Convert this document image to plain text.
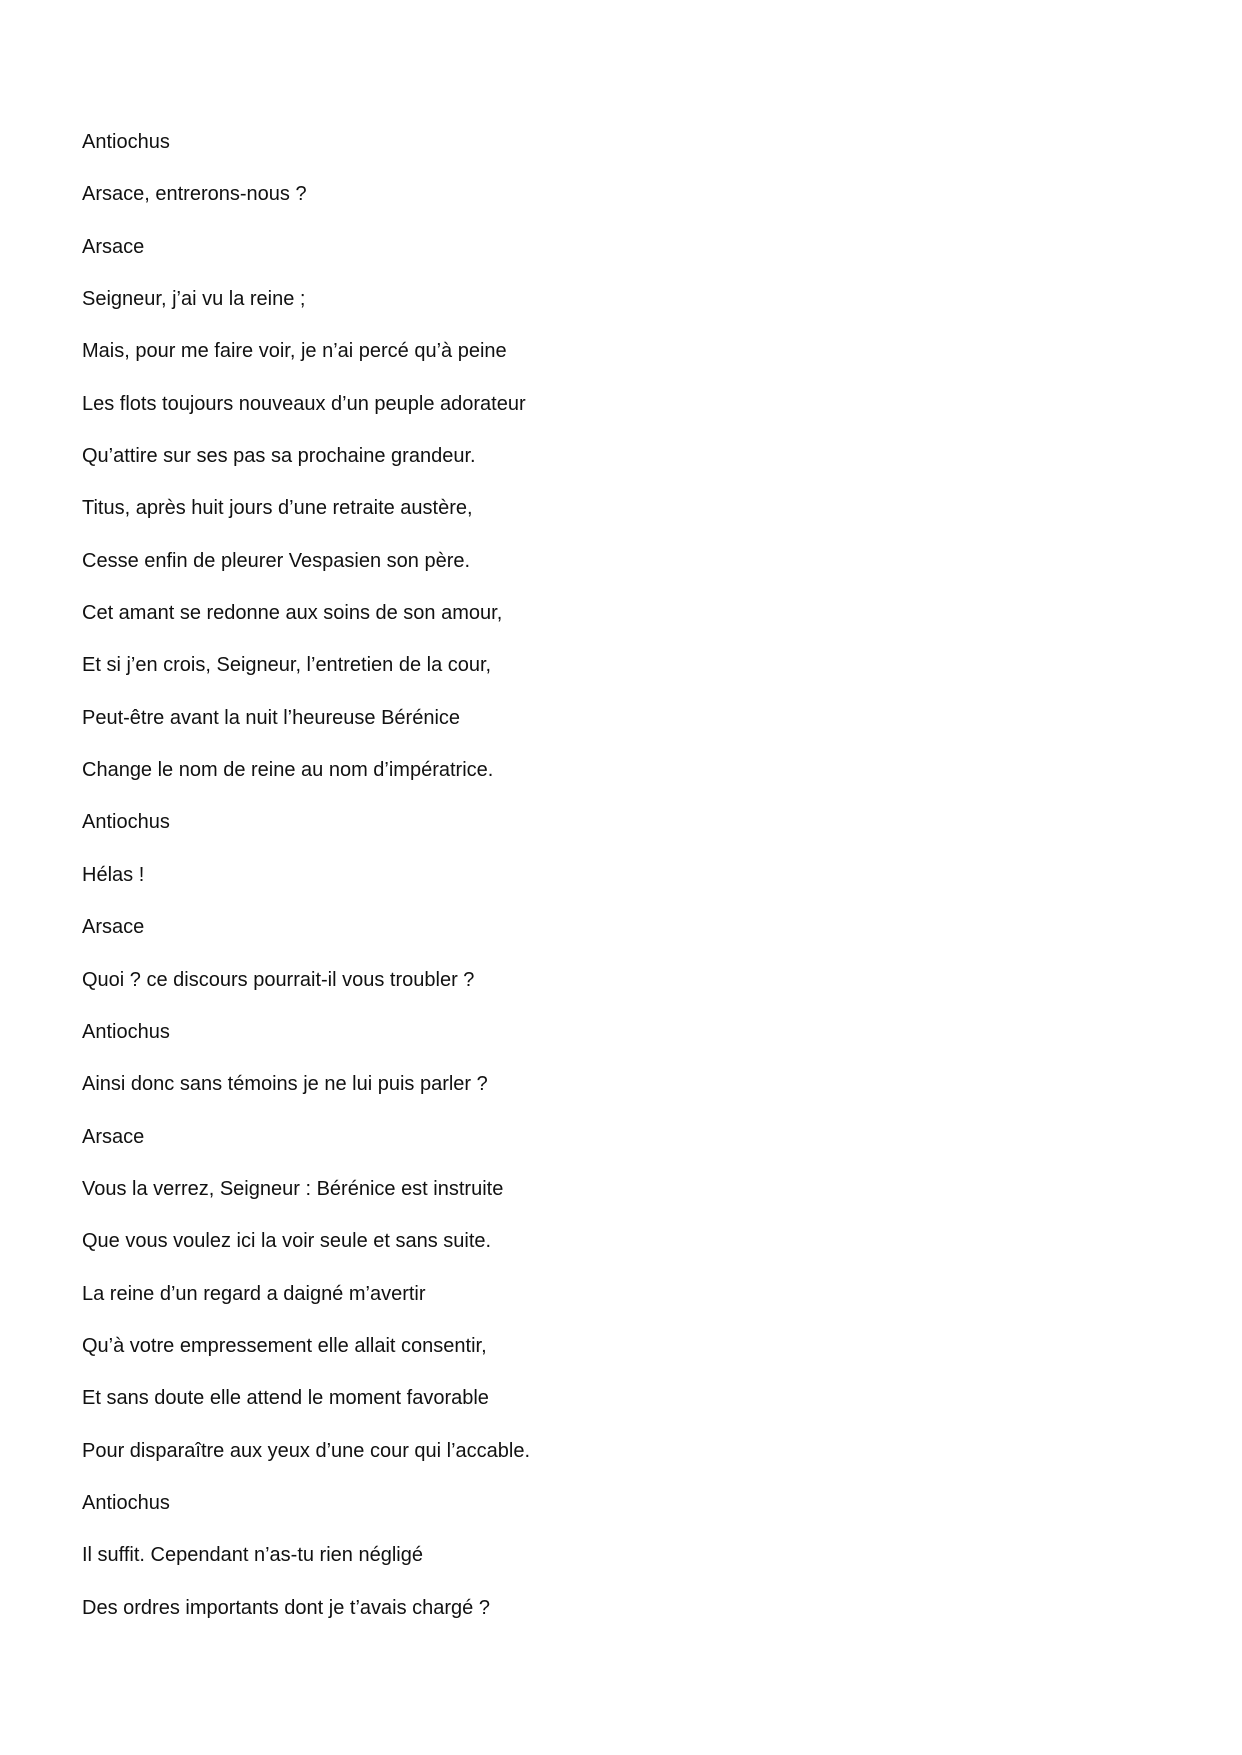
Antiochus
Arsace, entrerons-nous ?
Arsace
Seigneur, j’ai vu la reine ;
Mais, pour me faire voir, je n’ai percé qu’à peine
Les flots toujours nouveaux d’un peuple adorateur
Qu’attire sur ses pas sa prochaine grandeur.
Titus, après huit jours d’une retraite austère,
Cesse enfin de pleurer Vespasien son père.
Cet amant se redonne aux soins de son amour,
Et si j’en crois, Seigneur, l’entretien de la cour,
Peut-être avant la nuit l’heureuse Bérénice
Change le nom de reine au nom d’impératrice.
Antiochus
Hélas !
Arsace
Quoi ? ce discours pourrait-il vous troubler ?
Antiochus
Ainsi donc sans témoins je ne lui puis parler ?
Arsace
Vous la verrez, Seigneur : Bérénice est instruite
Que vous voulez ici la voir seule et sans suite.
La reine d’un regard a daigné m’avertir
Qu’à votre empressement elle allait consentir,
Et sans doute elle attend le moment favorable
Pour disparaître aux yeux d’une cour qui l’accable.
Antiochus
Il suffit. Cependant n’as-tu rien négligé
Des ordres importants dont je t’avais chargé ?
